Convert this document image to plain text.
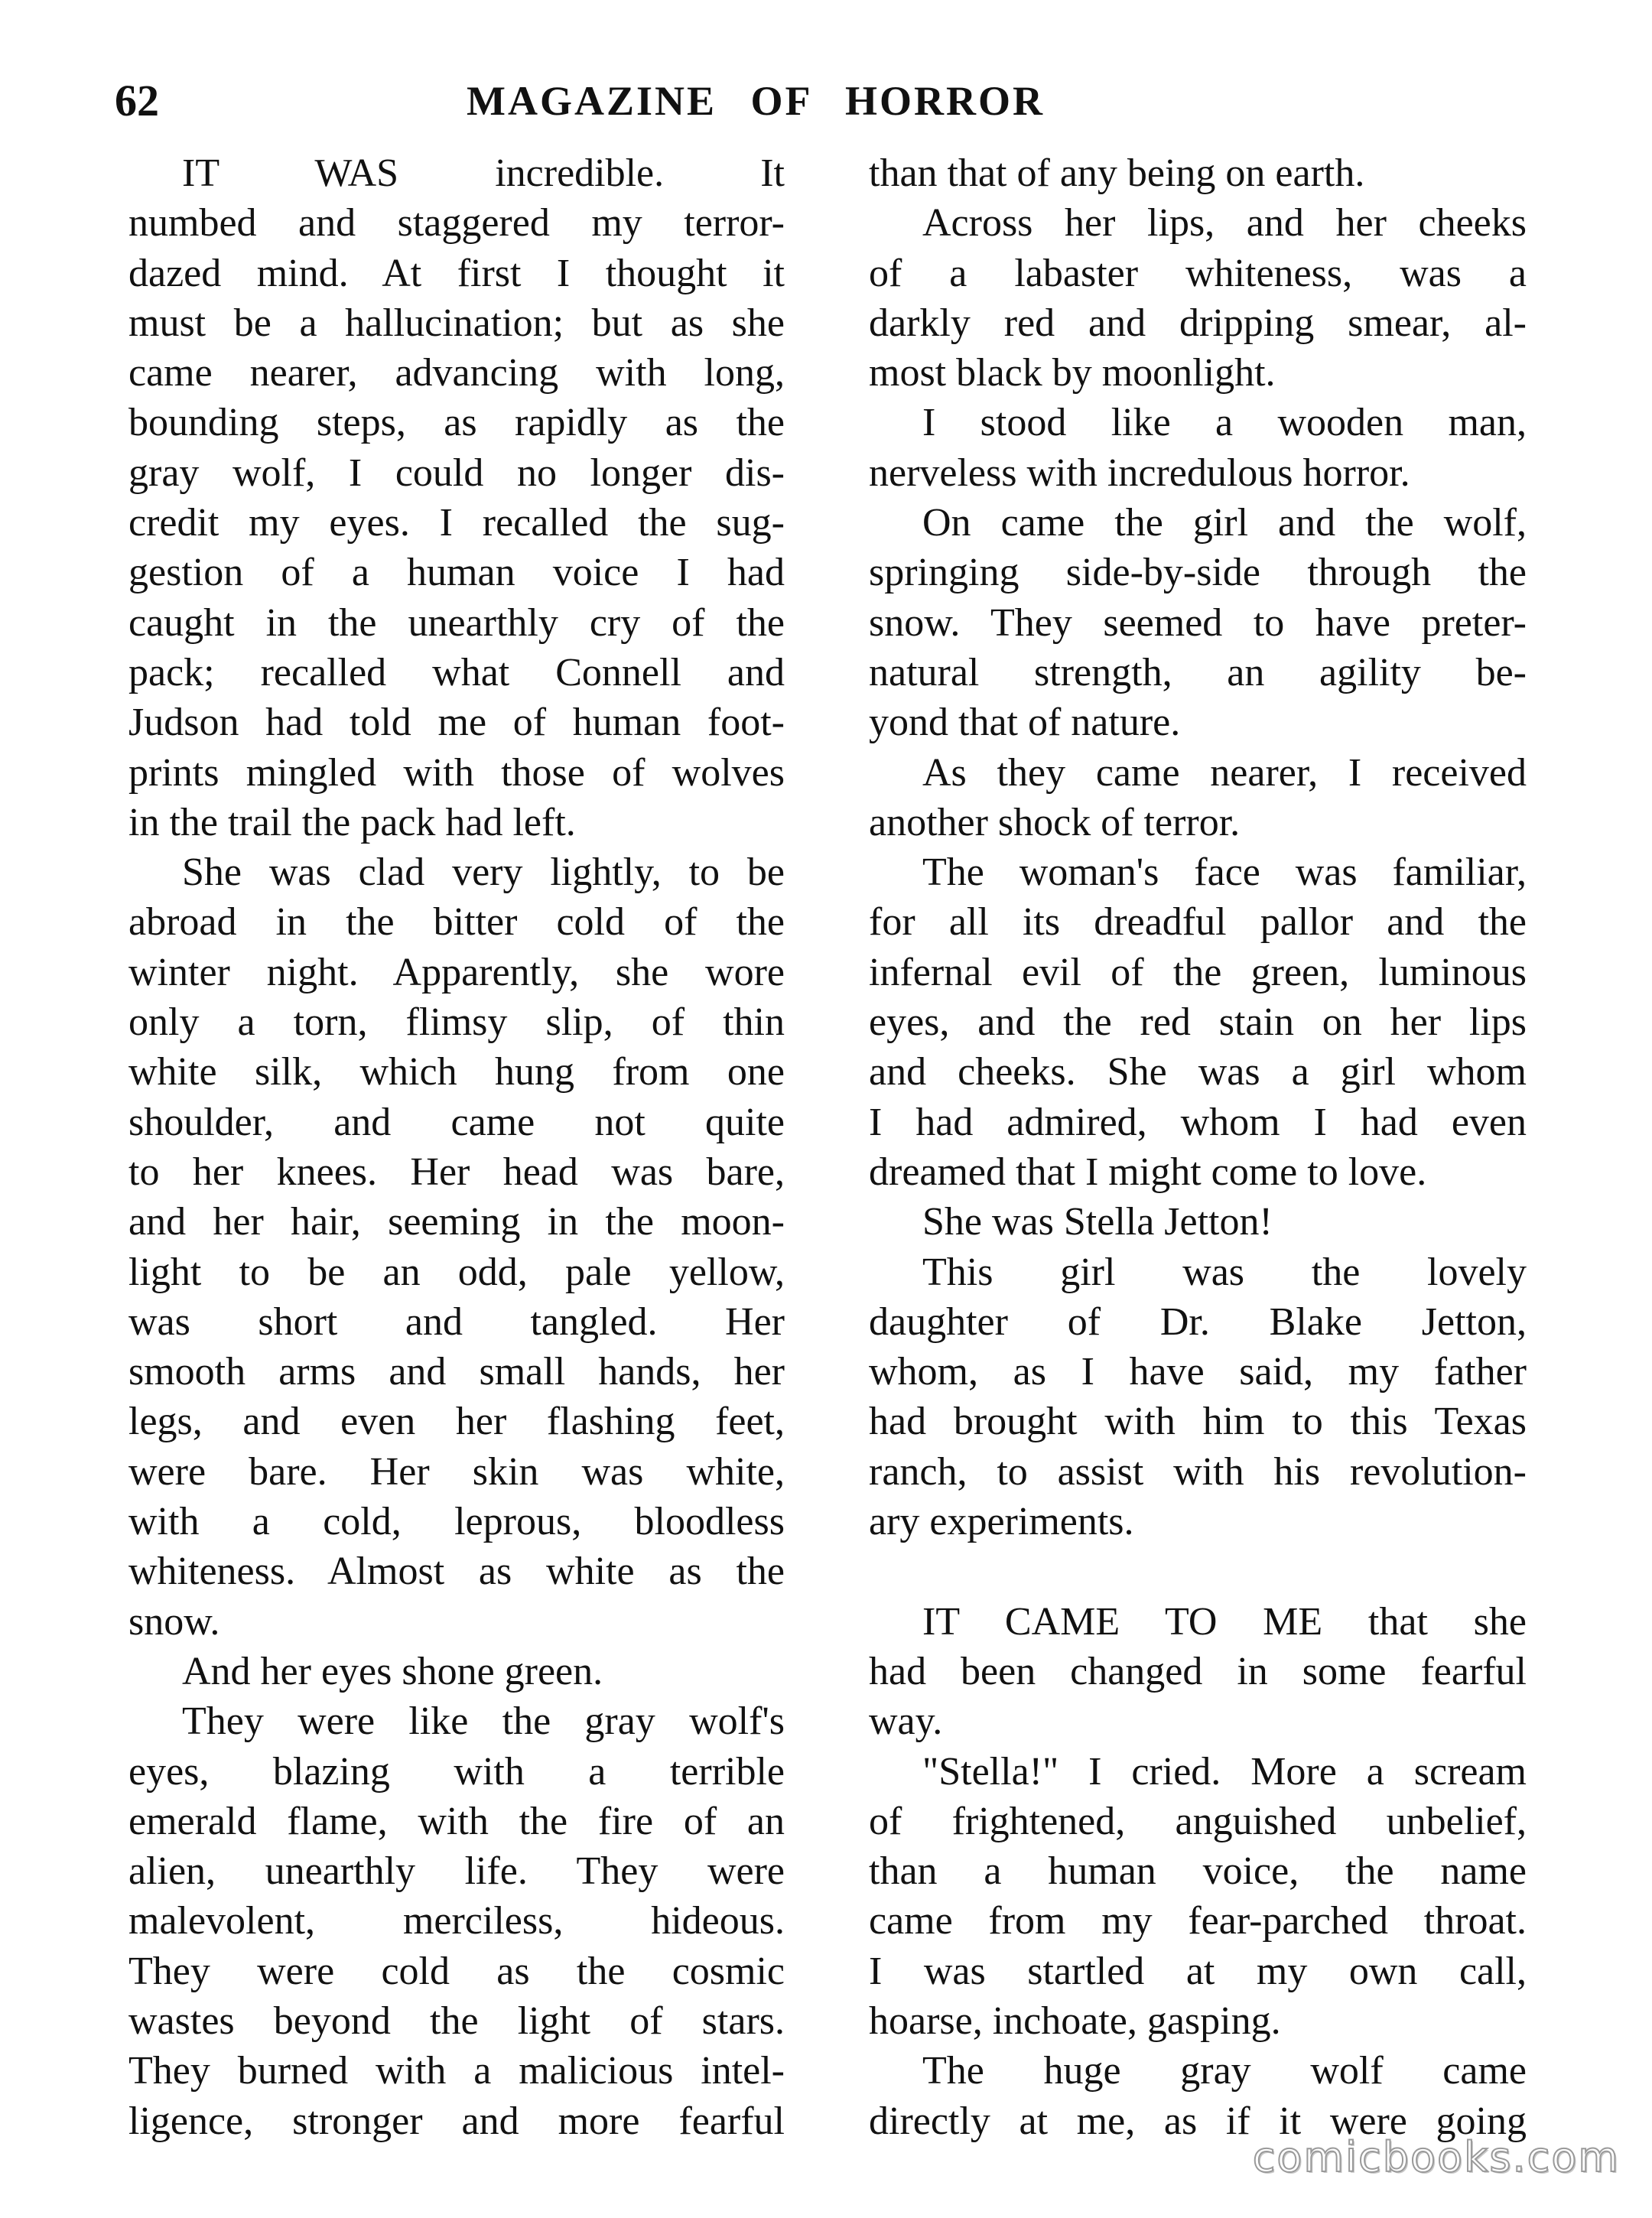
62	MAGAZINE OF HORROR
IT WAS incredible. It
numbed and staggered my terror-
dazed mind. At first I thought it
must be a hallucination; but as she
came nearer, advancing with long,
bounding steps, as rapidly as the
gray wolf, I could no longer dis-
credit my eyes. I recalled the sug-
gestion of a human voice I had
caught in the unearthly cry of the
pack; recalled what Connell and
Judson had told me of human foot-
prints mingled with those of wolves
in the trail the pack had left.
She was clad very lightly, to be
abroad in the bitter cold of the
winter night. Apparently, she wore
only a torn, flimsy slip, of thin
white silk, which hung from one
shoulder, and came not quite
to her knees. Her head was bare,
and her hair, seeming in the moon-
light to be an odd, pale yellow,
was short and tangled. Her
smooth arms and small hands, her
legs, and even her flashing feet,
were bare. Her skin was white,
with a cold, leprous, bloodless
whiteness. Almost as white as the
snow.
And her eyes shone green.
They were like the gray wolf's
eyes, blazing with a terrible
emerald flame, with the fire of an
alien, unearthly life. They were
malevolent, merciless, hideous.
They were cold as the cosmic
wastes beyond the light of stars.
They burned with a malicious intel-
ligence, stronger and more fearful
than that of any being on earth.
Across her lips, and her cheeks
of a labaster whiteness, was a
darkly red and dripping smear, al-
most black by moonlight.
I stood like a wooden man,
nerveless with incredulous horror.
On came the girl and the wolf,
springing side-by-side through the
snow. They seemed to have preter-
natural strength, an agility be-
yond that of nature.
As they came nearer, I received
another shock of terror.
The woman's face was familiar,
for all its dreadful pallor and the
infernal evil of the green, luminous
eyes, and the red stain on her lips
and cheeks. She was a girl whom
I had admired, whom I had even
dreamed that I might come to love.
She was Stella Jetton!
This girl was the lovely
daughter of Dr. Blake Jetton,
whom, as I have said, my father
had brought with him to this Texas
ranch, to assist with his revolution-
ary experiments.
IT CAME TO ME that she
had been changed in some fearful
way.
"Stella!" I cried. More a scream
of frightened, anguished unbelief,
than a human voice, the name
came from my fear-parched throat.
I was startled at my own call,
hoarse, inchoate, gasping.
The huge gray wolf came
directly at me, as if it were going
comicbooks.com
